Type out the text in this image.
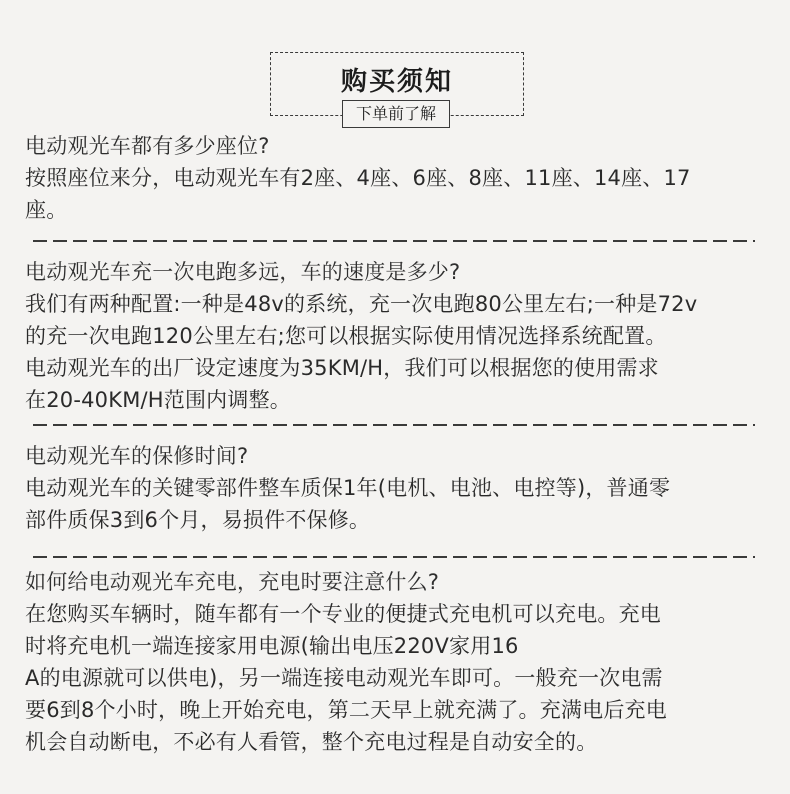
购买须知
下单前了解
电动观光车都有多少座位?
按照座位来分，电动观光车有2座、4座、6座、8座、11座、14座、17
座。
电动观光车充一次电跑多远，车的速度是多少?
我们有两种配置:一种是48v的系统，充一次电跑80公里左右;一种是72v
的充一次电跑120公里左右;您可以根据实际使用情况选择系统配置。
电动观光车的出厂设定速度为35KM/H，我们可以根据您的使用需求
在20-40KM/H范围内调整。
电动观光车的保修时间?
电动观光车的关键零部件整车质保1年(电机、电池、电控等)，普通零
部件质保3到6个月，易损件不保修。
如何给电动观光车充电，充电时要注意什么?
在您购买车辆时，随车都有一个专业的便捷式充电机可以充电。充电
时将充电机一端连接家用电源(输出电压220V家用16
A的电源就可以供电)，另一端连接电动观光车即可。一般充一次电需
要6到8个小时，晚上开始充电，第二天早上就充满了。充满电后充电
机会自动断电，不必有人看管，整个充电过程是自动安全的。
